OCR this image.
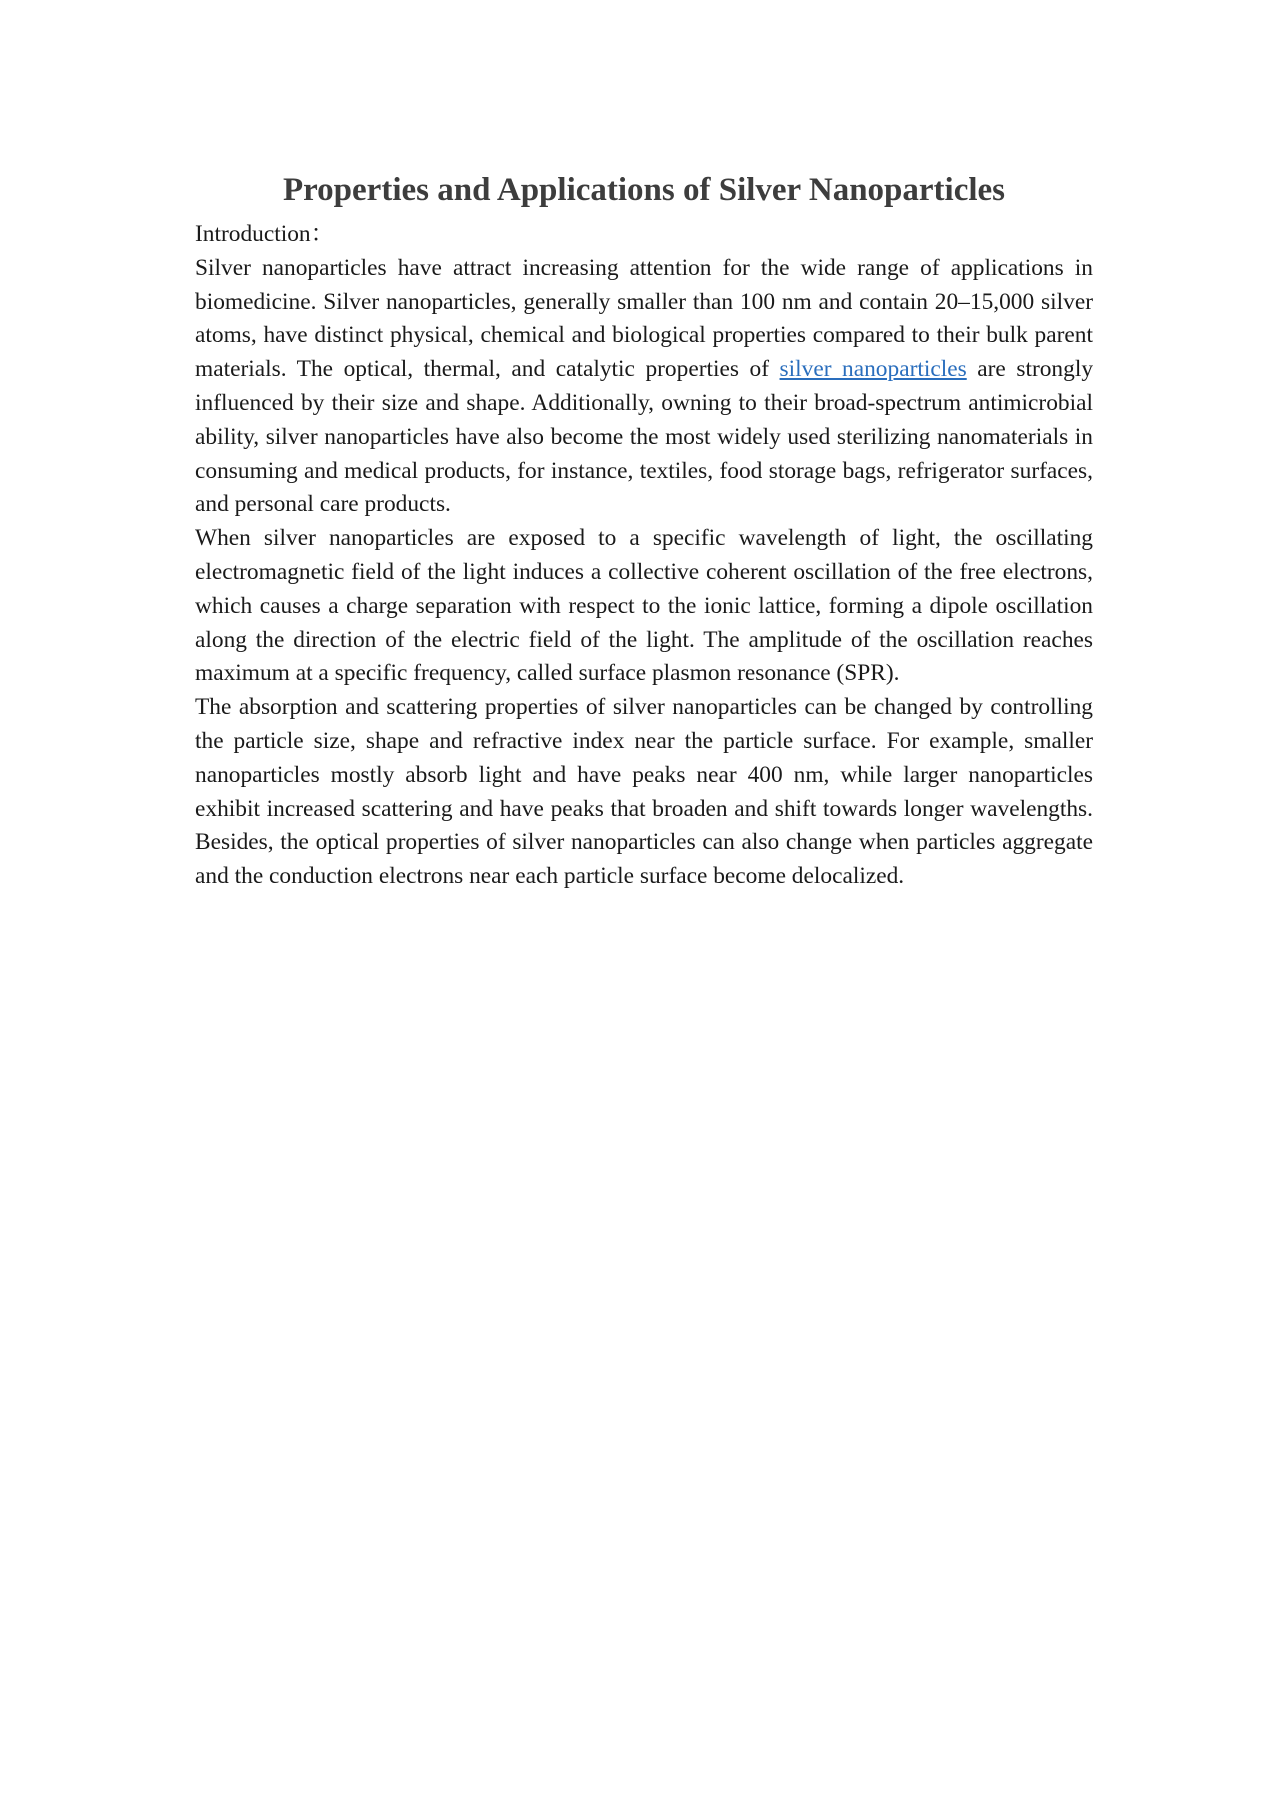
Properties and Applications of Silver Nanoparticles

Introduction：

Silver nanoparticles have attract increasing attention for the wide range of applications in biomedicine. Silver nanoparticles, generally smaller than 100 nm and contain 20–15,000 silver atoms, have distinct physical, chemical and biological properties compared to their bulk parent materials. The optical, thermal, and catalytic properties of silver nanoparticles are strongly influenced by their size and shape. Additionally, owning to their broad-spectrum antimicrobial ability, silver nanoparticles have also become the most widely used sterilizing nanomaterials in consuming and medical products, for instance, textiles, food storage bags, refrigerator surfaces, and personal care products.

When silver nanoparticles are exposed to a specific wavelength of light, the oscillating electromagnetic field of the light induces a collective coherent oscillation of the free electrons, which causes a charge separation with respect to the ionic lattice, forming a dipole oscillation along the direction of the electric field of the light. The amplitude of the oscillation reaches maximum at a specific frequency, called surface plasmon resonance (SPR).

The absorption and scattering properties of silver nanoparticles can be changed by controlling the particle size, shape and refractive index near the particle surface. For example, smaller nanoparticles mostly absorb light and have peaks near 400 nm, while larger nanoparticles exhibit increased scattering and have peaks that broaden and shift towards longer wavelengths. Besides, the optical properties of silver nanoparticles can also change when particles aggregate and the conduction electrons near each particle surface become delocalized.
